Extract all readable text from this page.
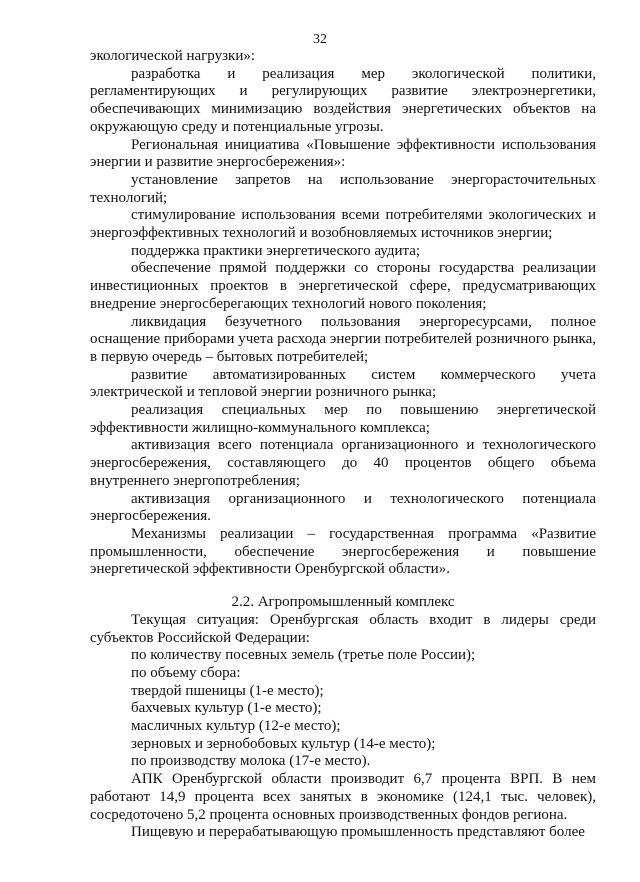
32

экологической нагрузки»:

разработка и реализация мер экологической политики, регламентирующих и регулирующих развитие электроэнергетики, обеспечивающих минимизацию воздействия энергетических объектов на окружающую среду и потенциальные угрозы.

Региональная инициатива «Повышение эффективности использования энергии и развитие энергосбережения»:

установление запретов на использование энергорасточительных технологий;

стимулирование использования всеми потребителями экологических и энергоэффективных технологий и возобновляемых источников энергии;

поддержка практики энергетического аудита;

обеспечение прямой поддержки со стороны государства реализации инвестиционных проектов в энергетической сфере, предусматривающих внедрение энергосберегающих технологий нового поколения;

ликвидация безучетного пользования энергоресурсами, полное оснащение приборами учета расхода энергии потребителей розничного рынка, в первую очередь – бытовых потребителей;

развитие автоматизированных систем коммерческого учета электрической и тепловой энергии розничного рынка;

реализация специальных мер по повышению энергетической эффективности жилищно-коммунального комплекса;

активизация всего потенциала организационного и технологического энергосбережения, составляющего до 40 процентов общего объема внутреннего энергопотребления;

активизация организационного и технологического потенциала энергосбережения.

Механизмы реализации – государственная программа «Развитие промышленности, обеспечение энергосбережения и повышение энергетической эффективности Оренбургской области».

2.2. Агропромышленный комплекс

Текущая ситуация: Оренбургская область входит в лидеры среди субъектов Российской Федерации:

по количеству посевных земель (третье поле России);

по объему сбора:

твердой пшеницы (1-е место);

бахчевых культур (1-е место);

масличных культур (12-е место);

зерновых и зернобобовых культур (14-е место);

по производству молока (17-е место).

АПК Оренбургской области производит 6,7 процента ВРП. В нем работают 14,9 процента всех занятых в экономике (124,1 тыс. человек), сосредоточено 5,2 процента основных производственных фондов региона.

Пищевую и перерабатывающую промышленность представляют более
